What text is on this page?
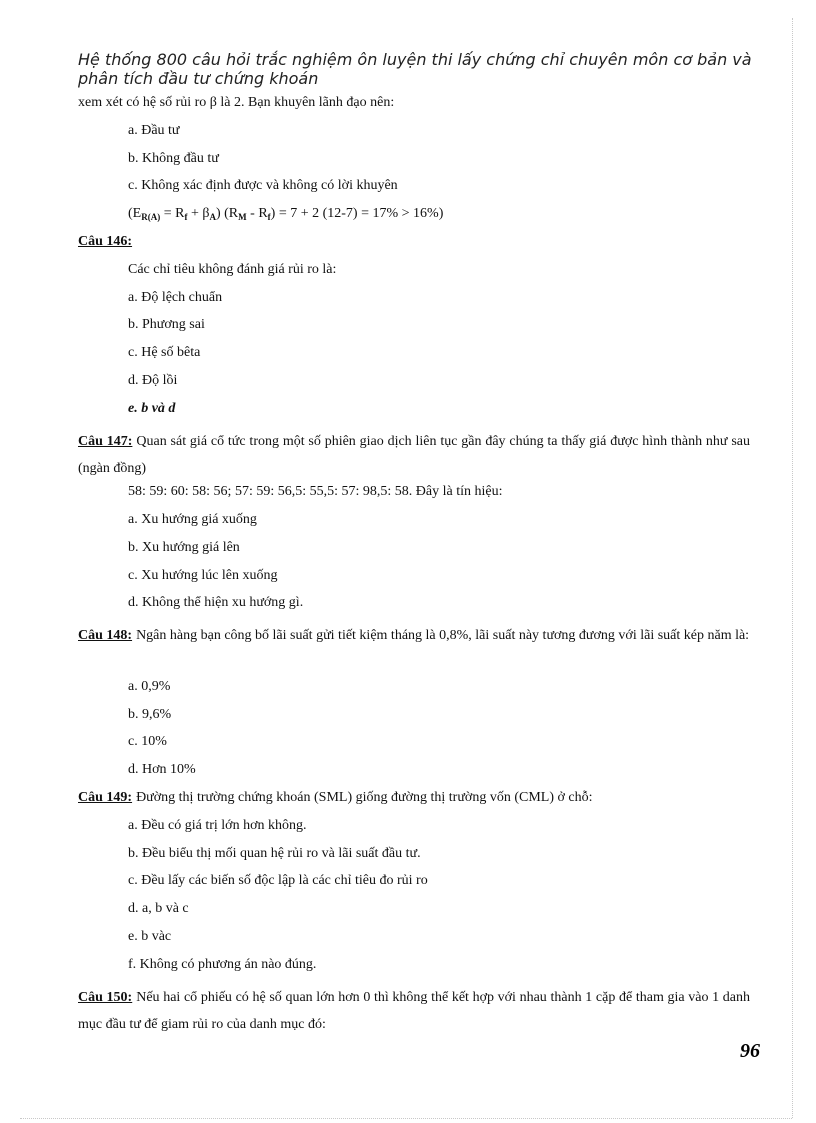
Hệ thống 800 câu hỏi trắc nghiệm ôn luyện thi lấy chứng chỉ chuyên môn cơ bản và
phân tích đầu tư chứng khoán
xem xét có hệ số rủi ro β là 2. Bạn khuyên lãnh đạo nên:
a. Đầu tư
b. Không đầu tư
c. Không xác định được và không có lời khuyên
$(E_{R(A)} = R_f + \beta_A)$ $(R_M - R_f) = 7 + 2$ (12-7) = 17% > 16%)
Câu 146:
Các chỉ tiêu không đánh giá rủi ro là:
a. Độ lệch chuẩn
b. Phương sai
c. Hệ số bêta
d. Độ lồi
e. b và d
Câu 147: Quan sát giá cổ tức trong một số phiên giao dịch liên tục gần đây chúng ta thấy giá được hình thành như sau (ngàn đồng)
58: 59: 60: 58: 56; 57: 59: 56,5: 55,5: 57: 98,5: 58. Đây là tín hiệu:
a. Xu hướng giá xuống
b. Xu hướng giá lên
c. Xu hướng lúc lên xuống
d. Không thể hiện xu hướng gì.
Câu 148: Ngân hàng bạn công bố lãi suất gửi tiết kiệm tháng là 0,8%, lãi suất này tương đương với lãi suất kép năm là:
a. 0,9%
b. 9,6%
c. 10%
d. Hơn 10%
Câu 149: Đường thị trường chứng khoán (SML) giống đường thị trường vốn (CML) ở chỗ:
a. Đều có giá trị lớn hơn không.
b. Đều biểu thị mối quan hệ rủi ro và lãi suất đầu tư.
c. Đều lấy các biến số độc lập là các chỉ tiêu đo rủi ro
d. a, b và c
e. b vàc
f. Không có phương án nào đúng.
Câu 150: Nếu hai cổ phiếu có hệ số quan lớn hơn 0 thì không thể kết hợp với nhau thành 1 cặp để tham gia vào 1 danh mục đầu tư để giam rủi ro của danh mục đó:
96
